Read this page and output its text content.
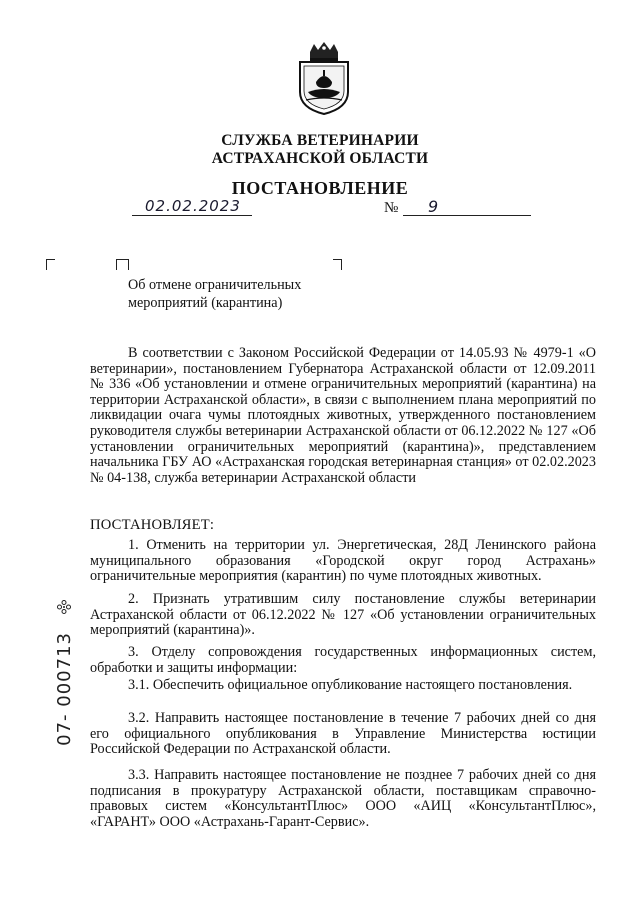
СЛУЖБА ВЕТЕРИНАРИИ
АСТРАХАНСКОЙ ОБЛАСТИ
ПОСТАНОВЛЕНИЕ
02.02.2023	№ 9
Об отмене ограничительных
мероприятий (карантина)
В соответствии с Законом Российской Федерации от 14.05.93 № 4979-1 «О ветеринарии», постановлением Губернатора Астраханской области от 12.09.2011 № 336 «Об установлении и отмене ограничительных мероприятий (карантина) на территории Астраханской области», в связи с выполнением плана мероприятий по ликвидации очага чумы плотоядных животных, утвержденного постановлением руководителя службы ветеринарии Астраханской области от 06.12.2022 № 127 «Об установлении ограничительных мероприятий (карантина)», представлением начальника ГБУ АО «Астраханская городская ветеринарная станция» от 02.02.2023 № 04-138, служба ветеринарии Астраханской области
ПОСТАНОВЛЯЕТ:
1. Отменить на территории ул. Энергетическая, 28Д Ленинского района муниципального образования «Городской округ город Астрахань» ограничительные мероприятия (карантин) по чуме плотоядных животных.
2. Признать утратившим силу постановление службы ветеринарии Астраханской области от 06.12.2022 № 127 «Об установлении ограничительных мероприятий (карантина)».
3. Отделу сопровождения государственных информационных систем, обработки и защиты информации:
3.1. Обеспечить официальное опубликование настоящего постановления.
3.2. Направить настоящее постановление в течение 7 рабочих дней со дня его официального опубликования в Управление Министерства юстиции Российской Федерации по Астраханской области.
3.3. Направить настоящее постановление не позднее 7 рабочих дней со дня подписания в прокуратуру Астраханской области, поставщикам справочно-правовых систем «КонсультантПлюс» ООО «АИЦ «КонсультантПлюс», «ГАРАНТ» ООО «Астрахань-Гарант-Сервис».
07- 000713
